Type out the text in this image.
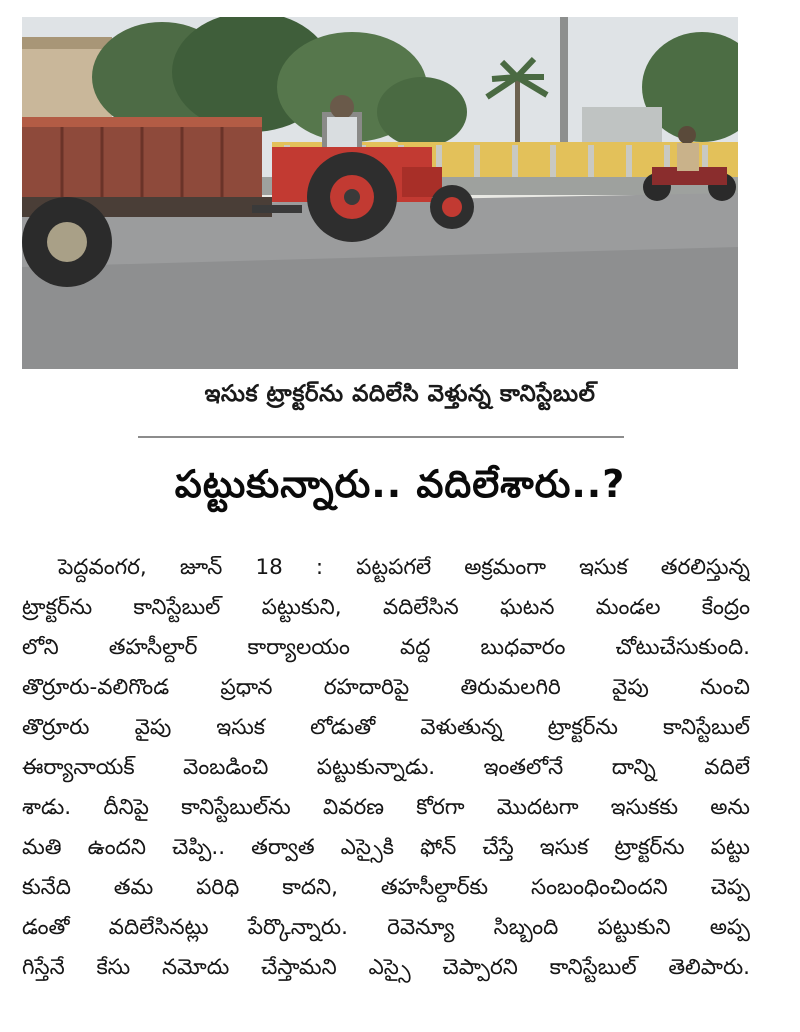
ఇసుక ట్రాక్టర్‌ను వదిలేసి వెళ్తున్న కానిస్టేబుల్
పట్టుకున్నారు.. వదిలేశారు..?
పెద్దవంగర, జూన్ 18 : పట్టపగలే అక్రమంగా ఇసుక తరలిస్తున్న
ట్రాక్టర్‌ను కానిస్టేబుల్ పట్టుకుని, వదిలేసిన ఘటన మండల కేంద్రం
లోని తహసీల్దార్ కార్యాలయం వద్ద బుధవారం చోటుచేసుకుంది.
తొర్రూరు-వలిగొండ ప్రధాన రహదారిపై తిరుమలగిరి వైపు నుంచి
తొర్రూరు వైపు ఇసుక లోడుతో వెళుతున్న ట్రాక్టర్‌ను కానిస్టేబుల్
ఈర్యానాయక్ వెంబడించి పట్టుకున్నాడు. ఇంతలోనే దాన్ని వదిలే
శాడు. దీనిపై కానిస్టేబుల్‌ను వివరణ కోరగా మొదటగా ఇసుకకు అను
మతి ఉందని చెప్పి.. తర్వాత ఎస్సైకి ఫోన్ చేస్తే ఇసుక ట్రాక్టర్‌ను పట్టు
కునేది తమ పరిధి కాదని, తహసీల్దార్‌కు సంబంధించిందని చెప్ప
డంతో వదిలేసినట్లు పేర్కొన్నారు. రెవెన్యూ సిబ్బంది పట్టుకుని అప్ప
గిస్తేనే కేసు నమోదు చేస్తామని ఎస్సై చెప్పారని కానిస్టేబుల్ తెలిపారు.
